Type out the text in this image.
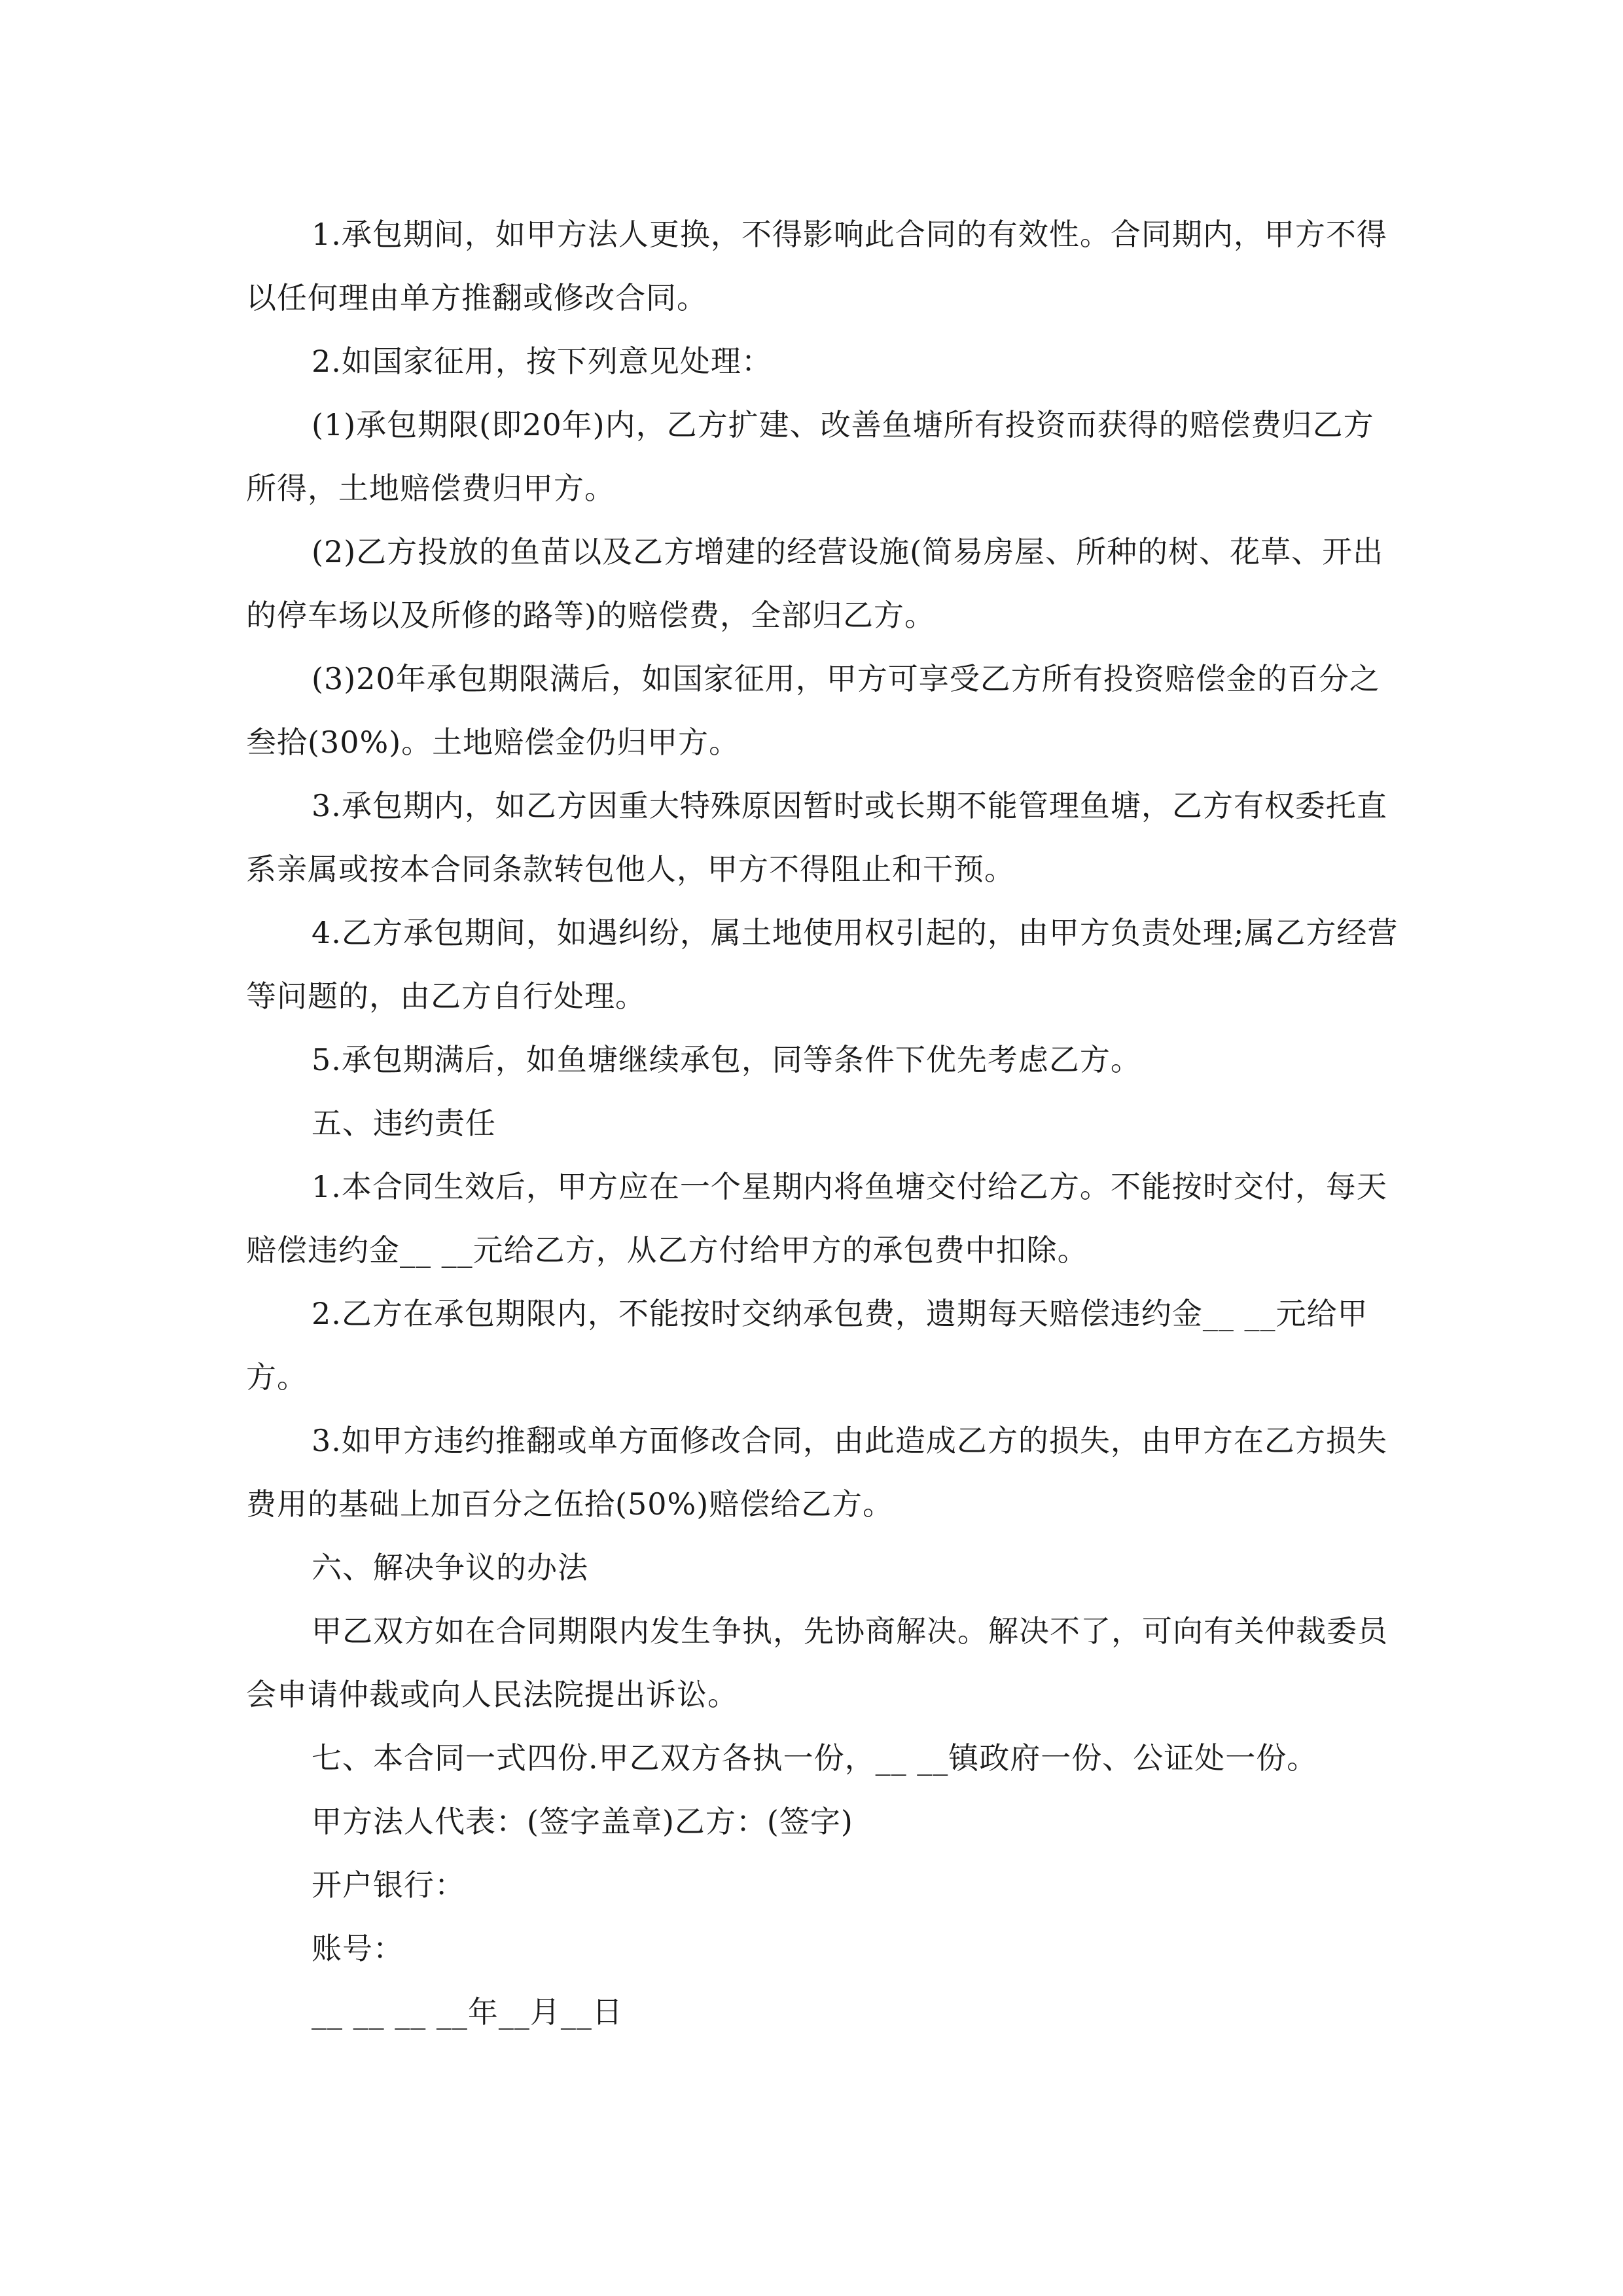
1.承包期间，如甲方法人更换，不得影响此合同的有效性。合同期内，甲方不得以任何理由单方推翻或修改合同。

2.如国家征用，按下列意见处理：

(1)承包期限(即20年)内，乙方扩建、改善鱼塘所有投资而获得的赔偿费归乙方所得，土地赔偿费归甲方。

(2)乙方投放的鱼苗以及乙方增建的经营设施(简易房屋、所种的树、花草、开出的停车场以及所修的路等)的赔偿费，全部归乙方。

(3)20年承包期限满后，如国家征用，甲方可享受乙方所有投资赔偿金的百分之叁拾(30%)。土地赔偿金仍归甲方。

3.承包期内，如乙方因重大特殊原因暂时或长期不能管理鱼塘，乙方有权委托直系亲属或按本合同条款转包他人，甲方不得阻止和干预。

4.乙方承包期间，如遇纠纷，属土地使用权引起的，由甲方负责处理;属乙方经营等问题的，由乙方自行处理。

5.承包期满后，如鱼塘继续承包，同等条件下优先考虑乙方。

五、违约责任

1.本合同生效后，甲方应在一个星期内将鱼塘交付给乙方。不能按时交付，每天赔偿违约金__ __元给乙方，从乙方付给甲方的承包费中扣除。

2.乙方在承包期限内，不能按时交纳承包费，遗期每天赔偿违约金__ __元给甲方。

3.如甲方违约推翻或单方面修改合同，由此造成乙方的损失，由甲方在乙方损失费用的基础上加百分之伍拾(50%)赔偿给乙方。

六、解决争议的办法

甲乙双方如在合同期限内发生争执，先协商解决。解决不了，可向有关仲裁委员会申请仲裁或向人民法院提出诉讼。

七、本合同一式四份.甲乙双方各执一份，__ __镇政府一份、公证处一份。

甲方法人代表：(签字盖章)乙方：(签字)

开户银行：

账号：

__ __ __ __年__月__日
